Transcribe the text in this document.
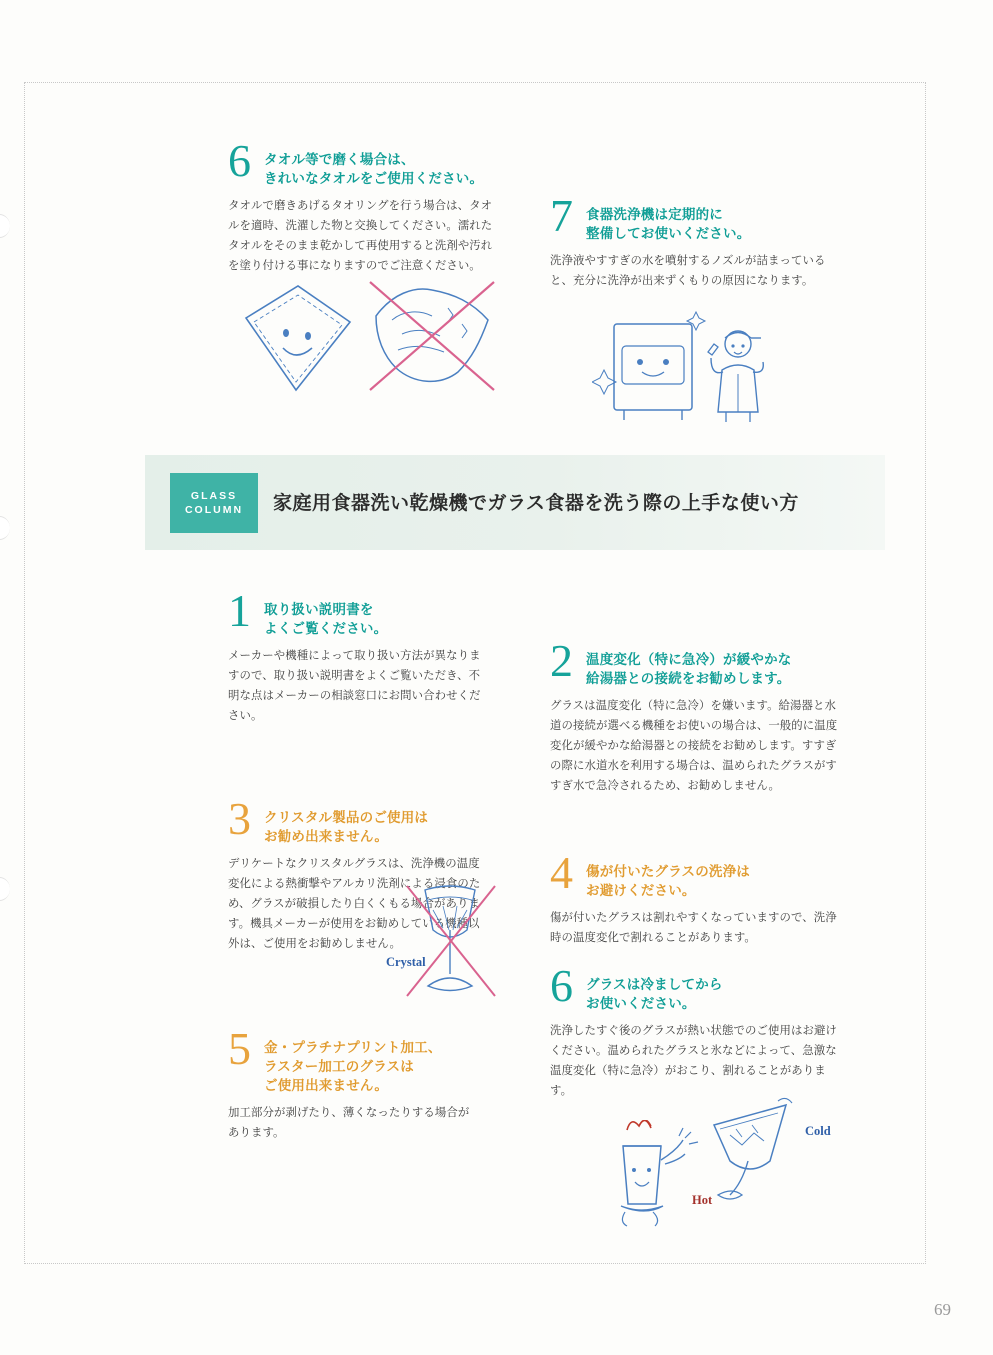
6 タオル等で磨く場合は、
きれいなタオルをご使用ください。
タオルで磨きあげるタオリングを行う場合は、タオルを適時、洗濯した物と交換してください。濡れたタオルをそのまま乾かして再使用すると洗剤や汚れを塗り付ける事になりますのでご注意ください。
7 食器洗浄機は定期的に
整備してお使いください。
洗浄液やすすぎの水を噴射するノズルが詰まっていると、充分に洗浄が出来ずくもりの原因になります。
GLASS
COLUMN 家庭用食器洗い乾燥機でガラス食器を洗う際の上手な使い方
1 取り扱い説明書を
よくご覧ください。
メーカーや機種によって取り扱い方法が異なりますので、取り扱い説明書をよくご覧いただき、不明な点はメーカーの相談窓口にお問い合わせください。
2 温度変化（特に急冷）が緩やかな
給湯器との接続をお勧めします。
グラスは温度変化（特に急冷）を嫌います。給湯器と水道の接続が選べる機種をお使いの場合は、一般的に温度変化が緩やかな給湯器との接続をお勧めします。すすぎの際に水道水を利用する場合は、温められたグラスがすすぎ水で急冷されるため、お勧めしません。
3 クリスタル製品のご使用は
お勧め出来ません。
デリケートなクリスタルグラスは、洗浄機の温度変化による熱衝撃やアルカリ洗剤による浸食のため、グラスが破損したり白くくもる場合があります。機具メーカーが使用をお勧めしている機種以外は、ご使用をお勧めしません。
Crystal
4 傷が付いたグラスの洗浄は
お避けください。
傷が付いたグラスは割れやすくなっていますので、洗浄時の温度変化で割れることがあります。
5 金・プラチナプリント加工、
ラスター加工のグラスは
ご使用出来ません。
加工部分が剥げたり、薄くなったりする場合があります。
6 グラスは冷ましてから
お使いください。
洗浄したすぐ後のグラスが熱い状態でのご使用はお避けください。温められたグラスと氷などによって、急激な温度変化（特に急冷）がおこり、割れることがあります。
Hot
Cold
69
